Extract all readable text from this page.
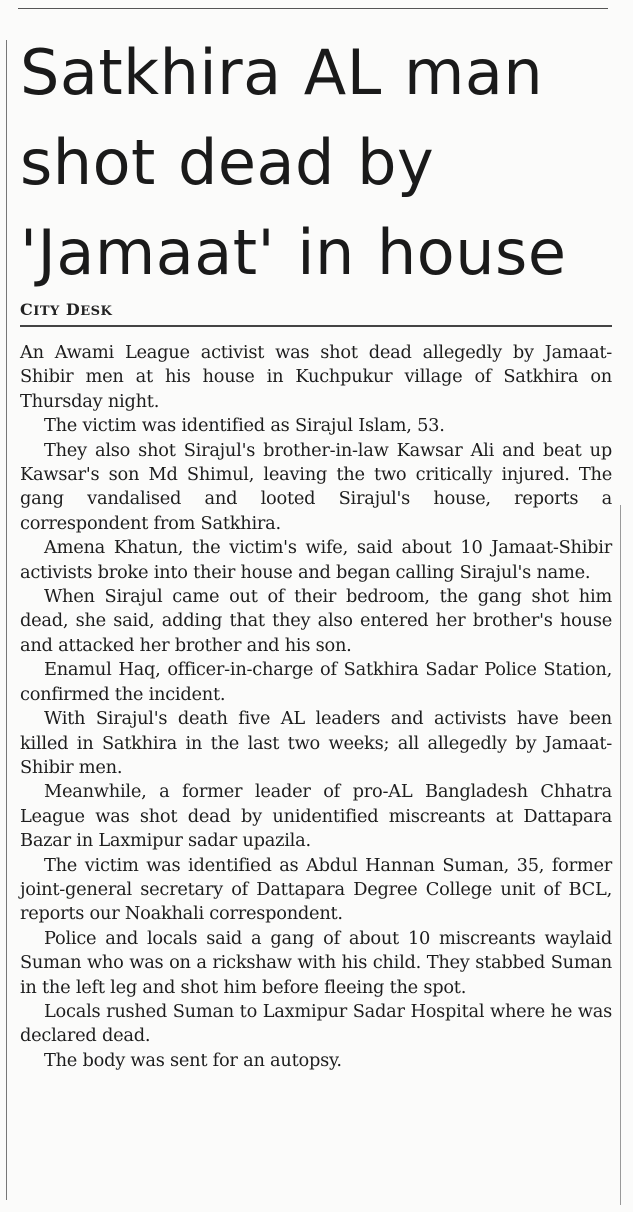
Satkhira AL man
shot dead by
'Jamaat' in house
CITY DESK

An Awami League activist was shot dead allegedly by Jamaat-Shibir men at his house in Kuchpukur village of Satkhira on Thursday night.

The victim was identified as Sirajul Islam, 53.

They also shot Sirajul's brother-in-law Kawsar Ali and beat up Kawsar's son Md Shimul, leaving the two critically injured. The gang vandalised and looted Sirajul's house, reports a correspondent from Satkhira.

Amena Khatun, the victim's wife, said about 10 Jamaat-Shibir activists broke into their house and began calling Sirajul's name.

When Sirajul came out of their bedroom, the gang shot him dead, she said, adding that they also entered her brother's house and attacked her brother and his son.

Enamul Haq, officer-in-charge of Satkhira Sadar Police Station, confirmed the incident.

With Sirajul's death five AL leaders and activists have been killed in Satkhira in the last two weeks; all allegedly by Jamaat-Shibir men.

Meanwhile, a former leader of pro-AL Bangladesh Chhatra League was shot dead by unidentified miscreants at Dattapara Bazar in Laxmipur sadar upazila.

The victim was identified as Abdul Hannan Suman, 35, former joint-general secretary of Dattapara Degree College unit of BCL, reports our Noakhali correspondent.

Police and locals said a gang of about 10 miscreants waylaid Suman who was on a rickshaw with his child. They stabbed Suman in the left leg and shot him before fleeing the spot.

Locals rushed Suman to Laxmipur Sadar Hospital where he was declared dead.

The body was sent for an autopsy.
